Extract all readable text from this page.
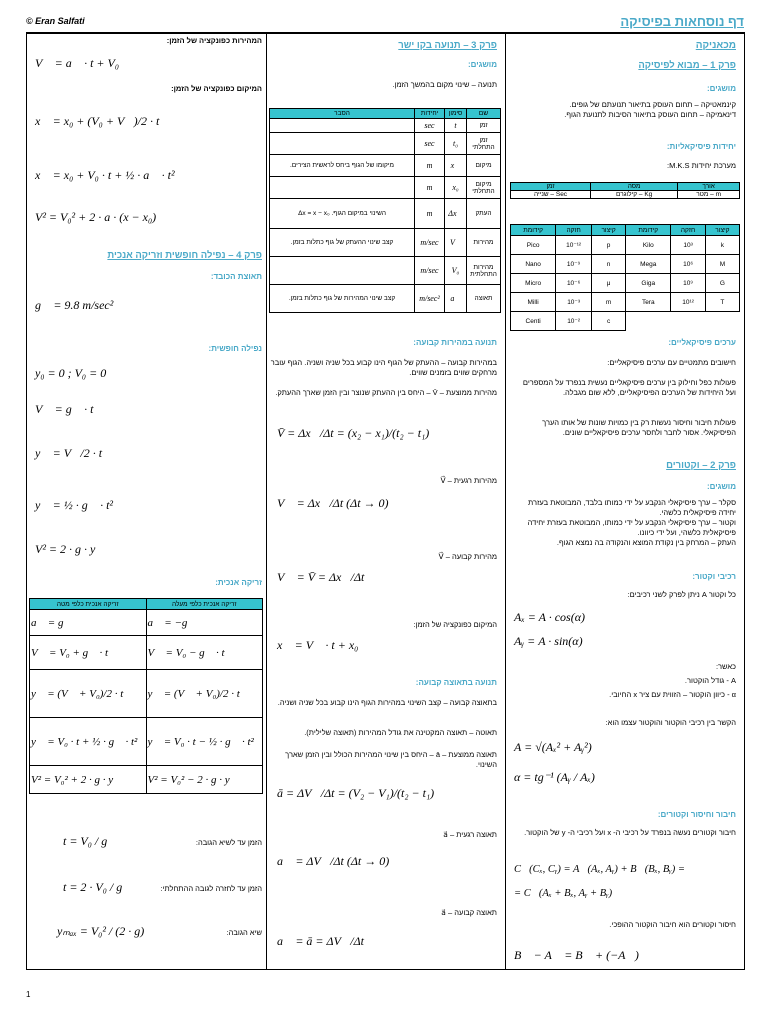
© Eran Salfati	דף נוסחאות בפיסיקה
מכאניקה
פרק 1 – מבוא לפיסיקה
מושגים:
קינמאטיקה – תחום העוסק בתיאור תנועתם של גופים.
דינאמיקה – תחום העוסק בתיאור הסיבות לתנועת הגוף.
יחידות פיסיקאליות:
מערכת יחידות M.K.S:
אורך	מסה	זמן
m – מטר	Kg – קילוגרם	Sec – שנייה
קיצור	חזקה	קידומת	קיצור	חזקה	קידומת
k	10³	Kilo	p	10⁻¹²	Pico
M	10⁶	Mega	n	10⁻⁹	Nano
G	10⁹	Giga	μ	10⁻⁶	Micro
T	10¹²	Tera	m	10⁻³	Milli
			c	10⁻²	Centi
ערכים פיסיקאליים:
חישובים מתמטיים עם ערכים פיסיקאליים:
פעולות כפל וחילוק בין ערכים פיסיקאליים נעשית בנפרד על המספרים ועל היחידות של הערכים הפיסיקאליים, ללא שום מגבלה.
פעולות חיבור וחיסור נעשות רק בין כמויות שונות של אותו הערך הפיסיקאלי. אסור לחבר ולחסר ערכים פיסיקאליים שונים.
פרק 2 – וקטורים
מושגים:
סקלר – ערך פיסיקאלי הנקבע על ידי כמותו בלבד, המבוטאת בעזרת יחידה פיסיקאלית כלשהי.
וקטור – ערך פיסיקאלי הנקבע על ידי כמותו, המבוטאת בעזרת יחידה פיסיקאלית כלשהי, ועל ידי כיוונו.
העתק – המרחק בין נקודת המוצא והנקודה בה נמצא הגוף.
רכיבי וקטור:
כל וקטור A ניתן לפרק לשני רכיבים:
Aₓ = A · cos(α)
Aᵧ = A · sin(α)
כאשר:
A - גודל הוקטור.
α - כיוון הוקטור – הזווית עם ציר x החיובי.
הקשר בין רכיבי הוקטור והוקטור עצמו הוא:
A = √(Aₓ² + Aᵧ²)
α = tg⁻¹ (Aᵧ / Aₓ)
חיבור וחיסור וקטורים:
חיבור וקטורים נעשה בנפרד על רכיבי ה- x ועל רכיבי ה- y של הוקטור.
C⃗(Cₓ, Cᵧ) = A⃗(Aₓ, Aᵧ) + B⃗(Bₓ, Bᵧ) =
= C⃗(Aₓ + Bₓ, Aᵧ + Bᵧ)
חיסור וקטורים הוא חיבור הוקטור ההופכי.
B⃗ − A⃗ = B⃗ + (−A⃗)
פרק 3 – תנועה בקו ישר
מושגים:
תנועה – שינוי מקום בהמשך הזמן.
שם	סימון	יחידות	הסבר
זמן	t	sec	
זמן התחלתי	t₀	sec	
מיקום	x⃗	m	מיקומו של הגוף ביחס לראשית הצירים.
מיקום התחלתי	x₀	m	
העתק	Δx⃗	m	השינוי במיקום הגוף. Δx = x − x₀
מהירות	V⃗	m/sec	קצב שינוי ההעתק של גוף כתלות בזמן.
מהירות התחלתית	V₀	m/sec	
תאוצה	a⃗	m/sec²	קצב שינוי המהירות של גוף כתלות בזמן.
תנועה במהירות קבועה:
במהירות קבועה – ההעתק של הגוף הינו קבוע בכל שניה ושניה. הגוף עובר מרחקים שווים בזמנים שווים.
מהירות ממוצעת – V̄ – היחס בין ההעתק שנוצר ובין הזמן שארך ההעתק.
V̄ = Δx⃗/Δt = (x₂ − x₁)/(t₂ − t₁)
מהירות רגעית – V⃗
V⃗ = Δx⃗/Δt (Δt → 0)
מהירות קבועה – V⃗
V⃗ = V̄ = Δx⃗/Δt
המיקום כפונקציה של הזמן:
x⃗ = V⃗ · t + x₀
תנועה בתאוצה קבועה:
בתאוצה קבועה – קצב השינוי במהירות הגוף הינו קבוע בכל שניה ושניה.
תאוטה – תאוצה המקטינה את גודל המהירות (תאוצה שלילית).
תאוצה ממוצעת – ā – היחס בין שינוי המהירות הכולל ובין הזמן שארך השינוי.
ā = ΔV⃗/Δt = (V₂ − V₁)/(t₂ − t₁)
תאוצה רגעית – a⃗
a⃗ = ΔV⃗/Δt (Δt → 0)
תאוצה קבועה – a⃗
a⃗ = ā = ΔV⃗/Δt
המהירות כפונקציה של הזמן:
V⃗ = a⃗ · t + V₀
המיקום כפונקציה של הזמן:
x⃗ = x₀ + (V₀ + V⃗)/2 · t
x⃗ = x₀ + V₀ · t + ½ · a⃗ · t²
V² = V₀² + 2 · a · (x − x₀)
פרק 4 – נפילה חופשית וזריקה אנכית
תאוצת הכובד:
g⃗ = 9.8 m/sec²
נפילה חופשית:
y₀ = 0 ; V₀ = 0
V⃗ = g⃗ · t
y⃗ = V⃗/2 · t
y⃗ = ½ · g⃗ · t²
V² = 2 · g · y
זריקה אנכית:
זריקה אנכית כלפי מעלה	זריקה אנכית כלפי מטה
a⃗ = −g⃗	a⃗ = g⃗
V⃗ = V₀ − g⃗ · t	V⃗ = V₀ + g⃗ · t
y⃗ = (V⃗ + V₀)/2 · t	y⃗ = (V⃗ + V₀)/2 · t
y⃗ = V₀ · t − ½ · g⃗ · t²	y⃗ = V₀ · t + ½ · g⃗ · t²
V² = V₀² − 2 · g · y	V² = V₀² + 2 · g · y
הזמן עד לשיא הגובה:
t = V₀ / g
הזמן עד לחזרה לגובה ההתחלתי:
t = 2 · V₀ / g
שיא הגובה:
yₘₐₓ = V₀² / (2 · g)
1
